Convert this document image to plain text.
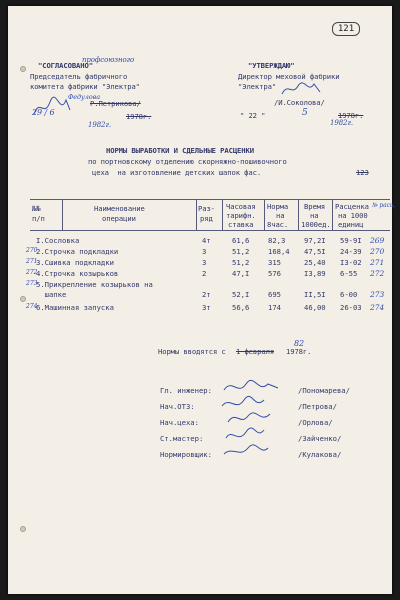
121
профсоюзного
"СОГЛАСОВАНО"
Председатель фабричного
комитета фабрики "Электра"
Федулова
Р.Петрикова/
29 / 6	1978г.
1982г.
"УТВЕРЖДАЮ"
Директор меховой фабрики
"Электра"
/И.Соколова/
" 22 "	5	1978г.
1982г.
НОРМЫ ВЫРАБОТКИ И СДЕЛЬНЫЕ РАСЦЕНКИ
по портновскому отделению скорняжно-пошивочного
цеха  на изготовление детских шапок фас.	123
№№
п/п
Наименование
операции
Раз-
ряд
Часовая
тарифн.
ставка
Норма
на
8час.
Время
на
1000ед.
Расценка
на 1000
единиц
№ расц.
I.Сословка	4т	61,6	82,3	97,2I 59-9I 269
270
2.Строчка подкладки	3	51,2	168,4 47,5I 24-39 270
271
3.Сшивка подкладки	3	51,2	315	25,40 I3-02 271
272
4.Строчка козырьков	2	47,I	576	I3,89 6-55 272
273
5.Прикрепление козырьков на
шапке	2т	52,I	695	II,5I 6-00 273
274
6.Машинная запуска	3т	56,6	174	46,00 26-03 274
Нормы вводятся с 1 февраля 1978г.
82
Гл. инженер:	/Пономарева/
Нач.ОТЗ:	/Петрова/
Нач.цеха:	/Орлова/
Ст.мастер:	/Зайченко/
Нормировщик:	/Кулакова/
